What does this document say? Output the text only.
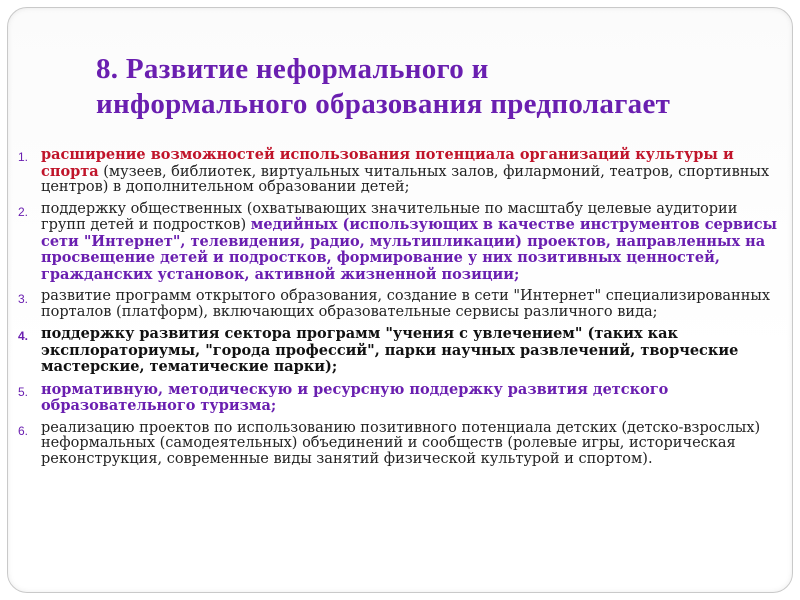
8. Развитие неформального и
информального образования предполагает
1. расширение возможностей использования потенциала организаций культуры и спорта (музеев, библиотек, виртуальных читальных залов, филармоний, театров, спортивных центров) в дополнительном образовании детей;
2. поддержку общественных (охватывающих значительные по масштабу целевые аудитории групп детей и подростков) медийных (использующих в качестве инструментов сервисы сети "Интернет", телевидения, радио, мультипликации) проектов, направленных на просвещение детей и подростков, формирование у них позитивных ценностей, гражданских установок, активной жизненной позиции;
3. развитие программ открытого образования, создание в сети "Интернет" специализированных порталов (платформ), включающих образовательные сервисы различного вида;
4. поддержку развития сектора программ "учения с увлечением" (таких как эксплораториумы, "города профессий", парки научных развлечений, творческие мастерские, тематические парки);
5. нормативную, методическую и ресурсную поддержку развития детского образовательного туризма;
6. реализацию проектов по использованию позитивного потенциала детских (детско-взрослых) неформальных (самодеятельных) объединений и сообществ (ролевые игры, историческая реконструкция, современные виды занятий физической культурой и спортом).
